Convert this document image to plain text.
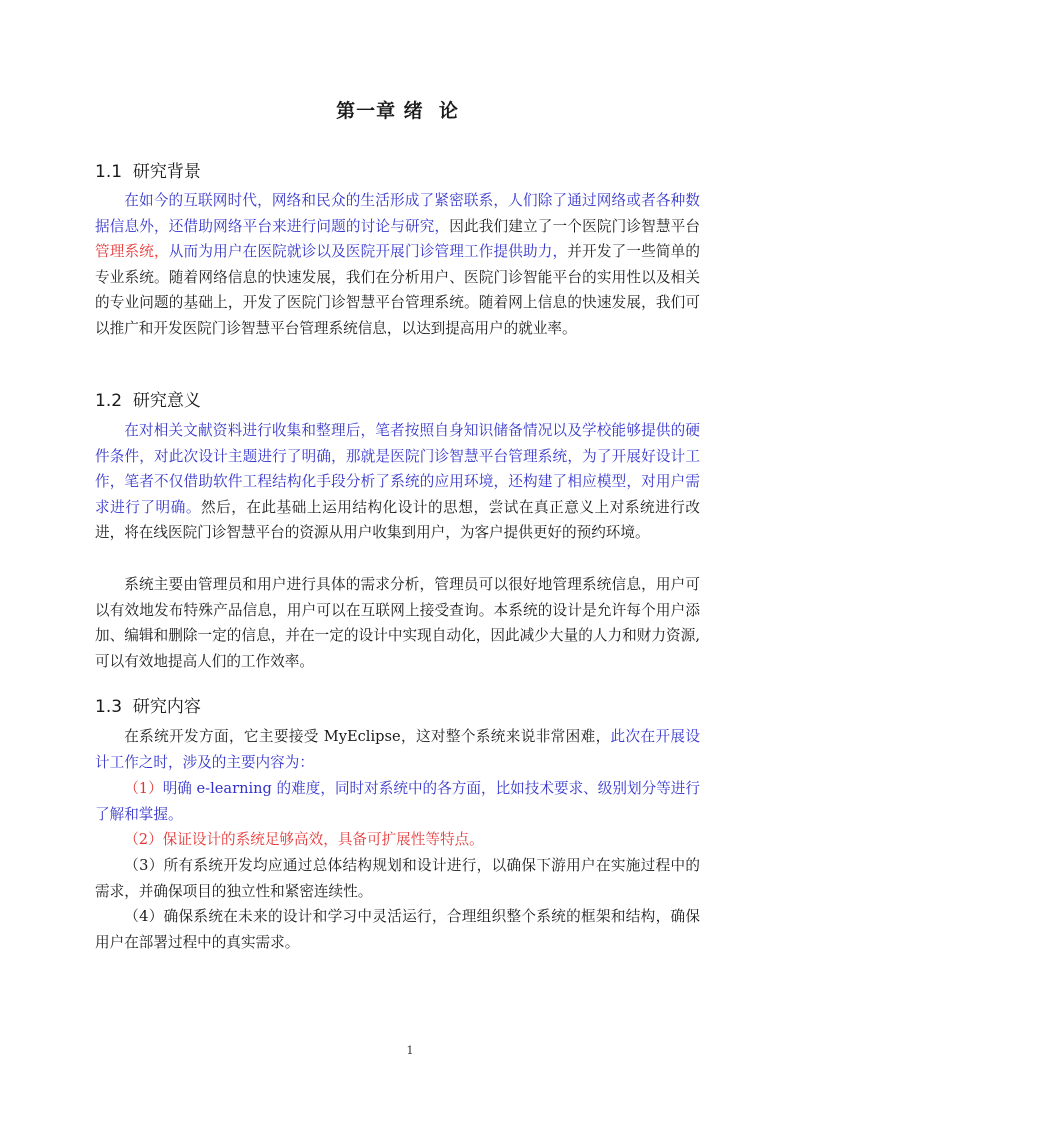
第一章 绪  论
1.1  研究背景
在如今的互联网时代，网络和民众的生活形成了紧密联系，人们除了通过网络或者各种数据信息外，还借助网络平台来进行问题的讨论与研究，因此我们建立了一个医院门诊智慧平台管理系统，从而为用户在医院就诊以及医院开展门诊管理工作提供助力，并开发了一些简单的专业系统。随着网络信息的快速发展，我们在分析用户、医院门诊智能平台的实用性以及相关的专业问题的基础上，开发了医院门诊智慧平台管理系统。随着网上信息的快速发展，我们可以推广和开发医院门诊智慧平台管理系统信息，以达到提高用户的就业率。
1.2  研究意义
在对相关文献资料进行收集和整理后，笔者按照自身知识储备情况以及学校能够提供的硬件条件，对此次设计主题进行了明确，那就是医院门诊智慧平台管理系统，为了开展好设计工作，笔者不仅借助软件工程结构化手段分析了系统的应用环境，还构建了相应模型，对用户需求进行了明确。然后，在此基础上运用结构化设计的思想，尝试在真正意义上对系统进行改进，将在线医院门诊智慧平台的资源从用户收集到用户，为客户提供更好的预约环境。
系统主要由管理员和用户进行具体的需求分析，管理员可以很好地管理系统信息，用户可以有效地发布特殊产品信息，用户可以在互联网上接受查询。本系统的设计是允许每个用户添加、编辑和删除一定的信息，并在一定的设计中实现自动化，因此减少大量的人力和财力资源,可以有效地提高人们的工作效率。
1.3  研究内容
在系统开发方面，它主要接受 MyEclipse，这对整个系统来说非常困难，此次在开展设计工作之时，涉及的主要内容为：
（1）明确 e-learning 的难度，同时对系统中的各方面，比如技术要求、级别划分等进行了解和掌握。
（2）保证设计的系统足够高效，具备可扩展性等特点。
（3）所有系统开发均应通过总体结构规划和设计进行，以确保下游用户在实施过程中的需求，并确保项目的独立性和紧密连续性。
（4）确保系统在未来的设计和学习中灵活运行，合理组织整个系统的框架和结构，确保用户在部署过程中的真实需求。
1
